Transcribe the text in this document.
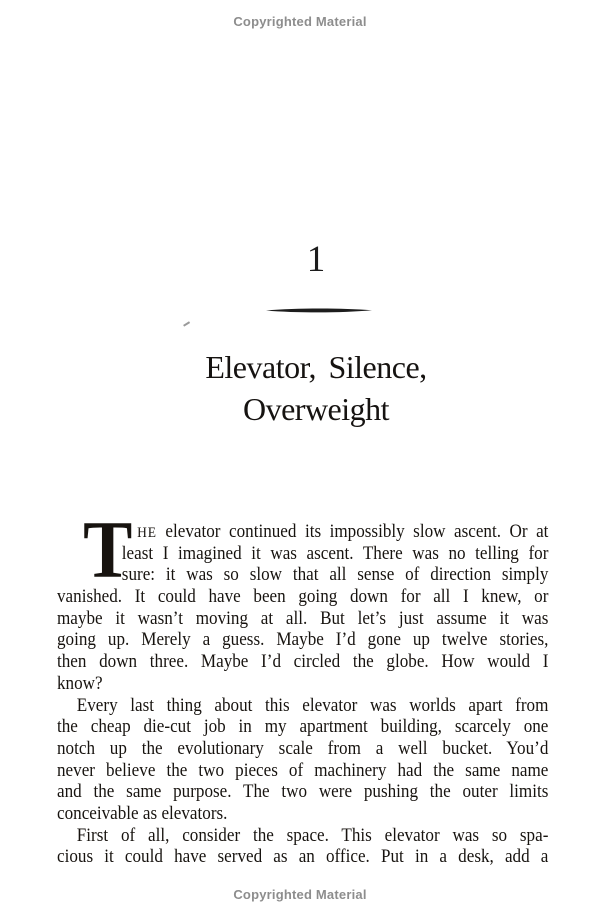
Copyrighted Material
1
Elevator, Silence,
Overweight
T HE elevator continued its impossibly slow ascent. Or at
least I imagined it was ascent. There was no telling for
sure: it was so slow that all sense of direction simply
vanished. It could have been going down for all I knew, or
maybe it wasn’t moving at all. But let’s just assume it was
going up. Merely a guess. Maybe I’d gone up twelve stories,
then down three. Maybe I’d circled the globe. How would I
know?
Every last thing about this elevator was worlds apart from
the cheap die-cut job in my apartment building, scarcely one
notch up the evolutionary scale from a well bucket. You’d
never believe the two pieces of machinery had the same name
and the same purpose. The two were pushing the outer limits
conceivable as elevators.
First of all, consider the space. This elevator was so spa-
cious it could have served as an office. Put in a desk, add a
Copyrighted Material
